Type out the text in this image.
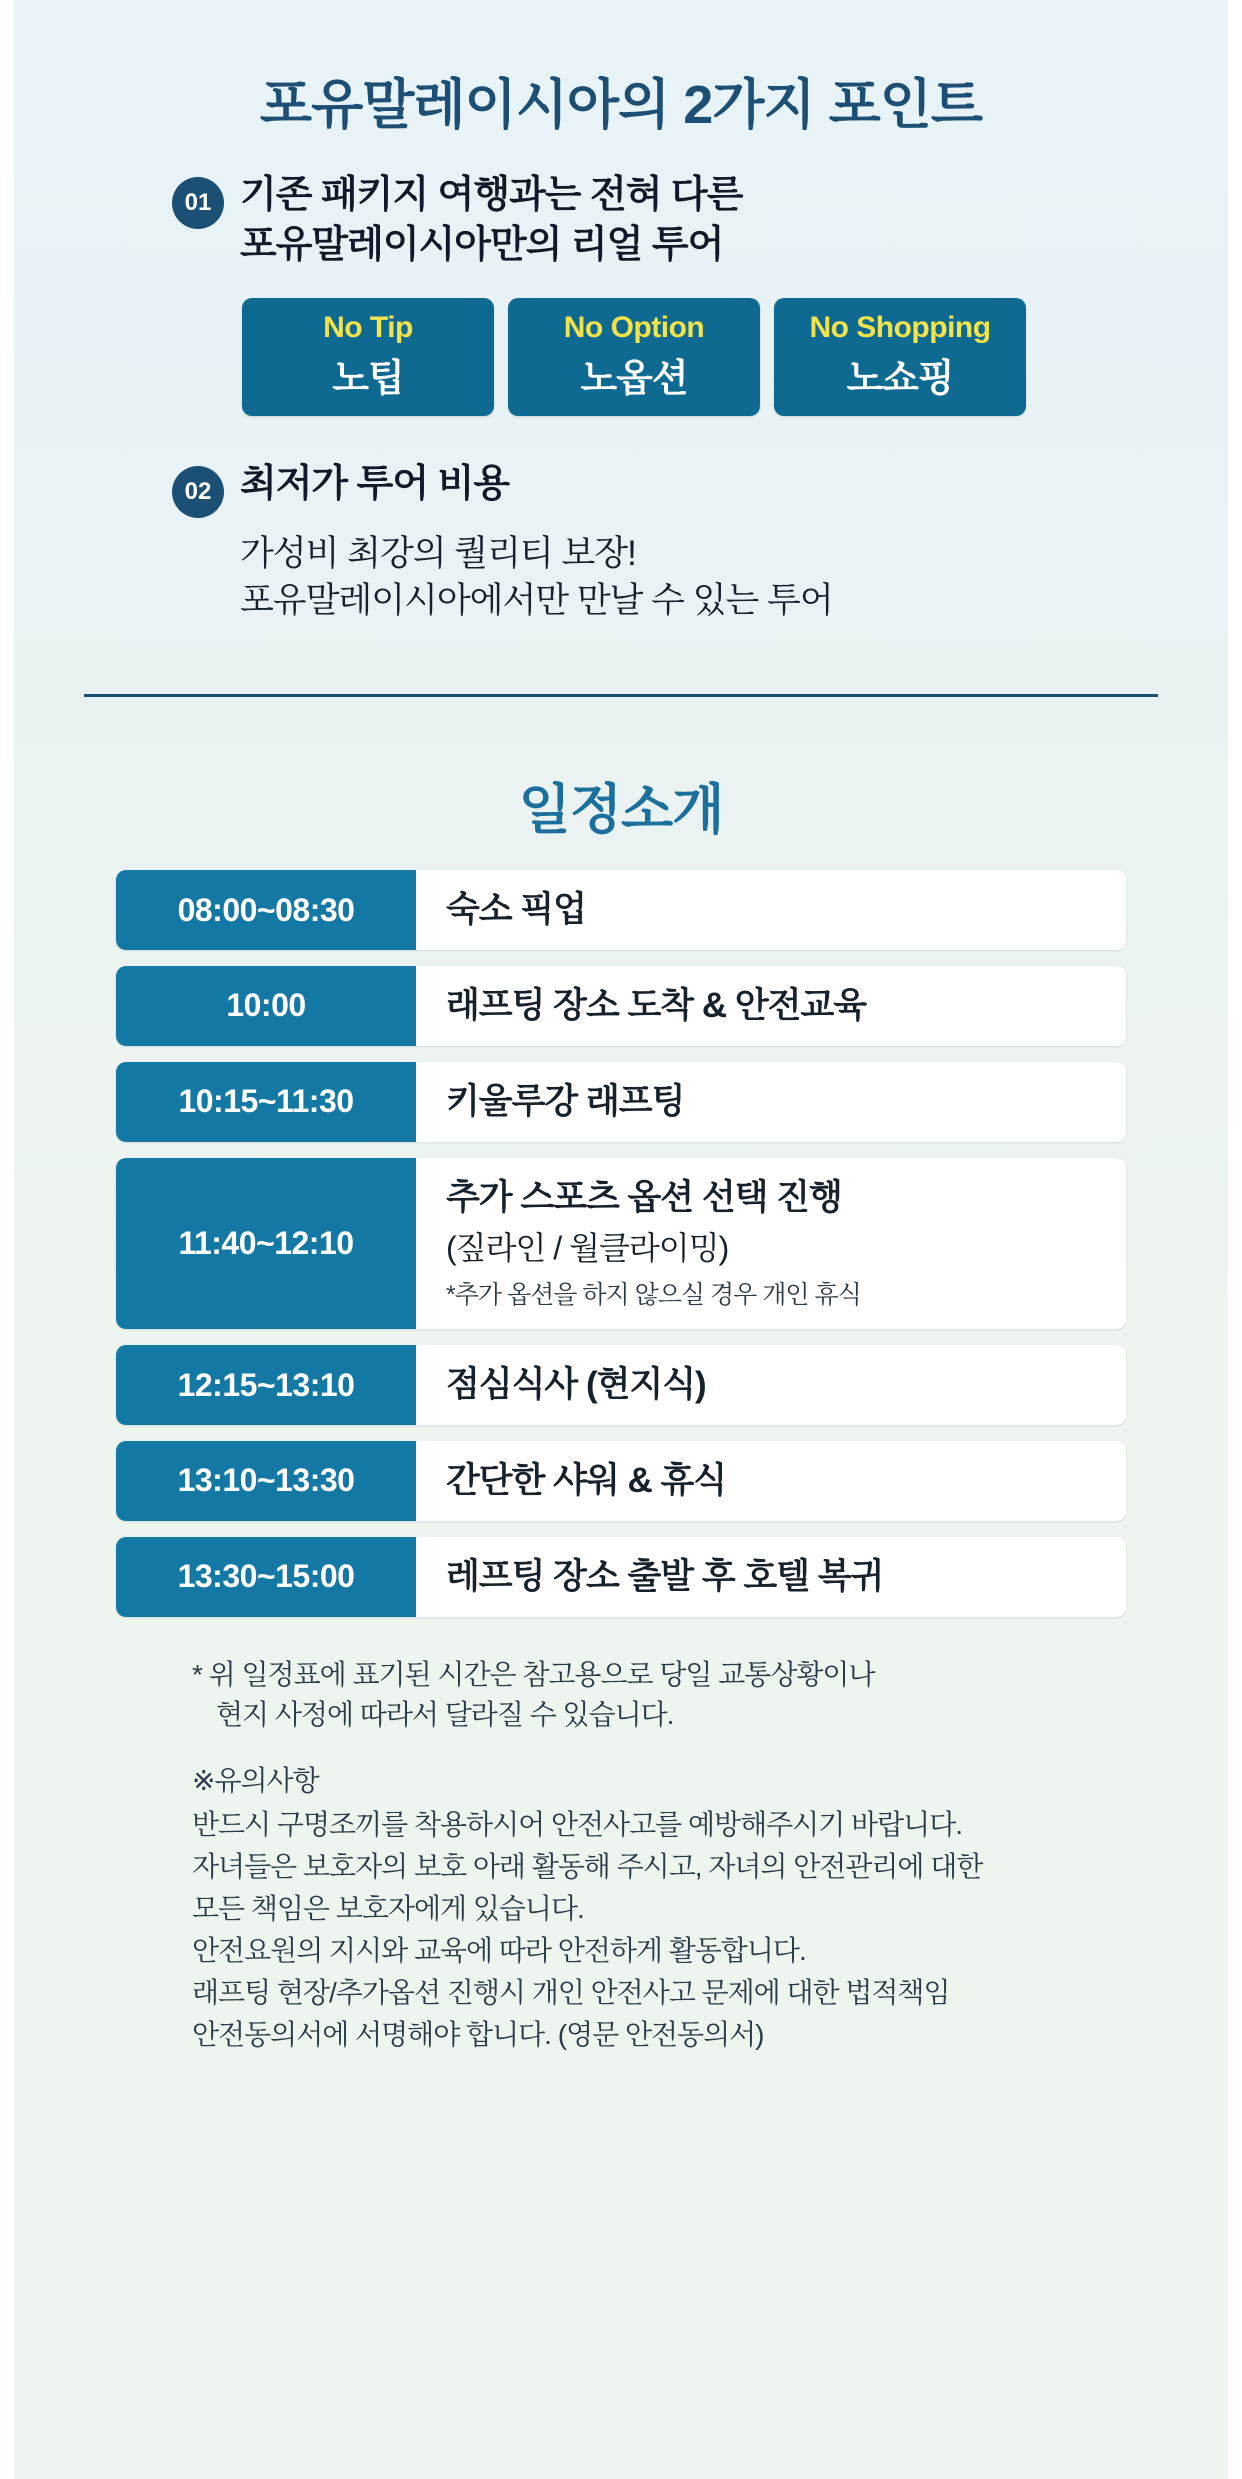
포유말레이시아의 2가지 포인트
01 기존 패키지 여행과는 전혀 다른
포유말레이시아만의 리얼 투어
No Tip
노팁
No Option
노옵션
No Shopping
노쇼핑
02 최저가 투어 비용
가성비 최강의 퀄리티 보장!
포유말레이시아에서만 만날 수 있는 투어
일정소개
08:00~08:30	숙소 픽업
10:00	래프팅 장소 도착 & 안전교육
10:15~11:30	키울루강 래프팅
11:40~12:10
추가 스포츠 옵션 선택 진행
(짚라인 / 월클라이밍)
*추가 옵션을 하지 않으실 경우 개인 휴식
12:15~13:10	점심식사 (현지식)
13:10~13:30	간단한 샤워 & 휴식
13:30~15:00	레프팅 장소 출발 후 호텔 복귀
* 위 일정표에 표기된 시간은 참고용으로 당일 교통상황이나
현지 사정에 따라서 달라질 수 있습니다.
※유의사항

반드시 구명조끼를 착용하시어 안전사고를 예방해주시기 바랍니다.

자녀들은 보호자의 보호 아래 활동해 주시고, 자녀의 안전관리에 대한

모든 책임은 보호자에게 있습니다.

안전요원의 지시와 교육에 따라 안전하게 활동합니다.

래프팅 현장/추가옵션 진행시 개인 안전사고 문제에 대한 법적책임

안전동의서에 서명해야 합니다. (영문 안전동의서)
